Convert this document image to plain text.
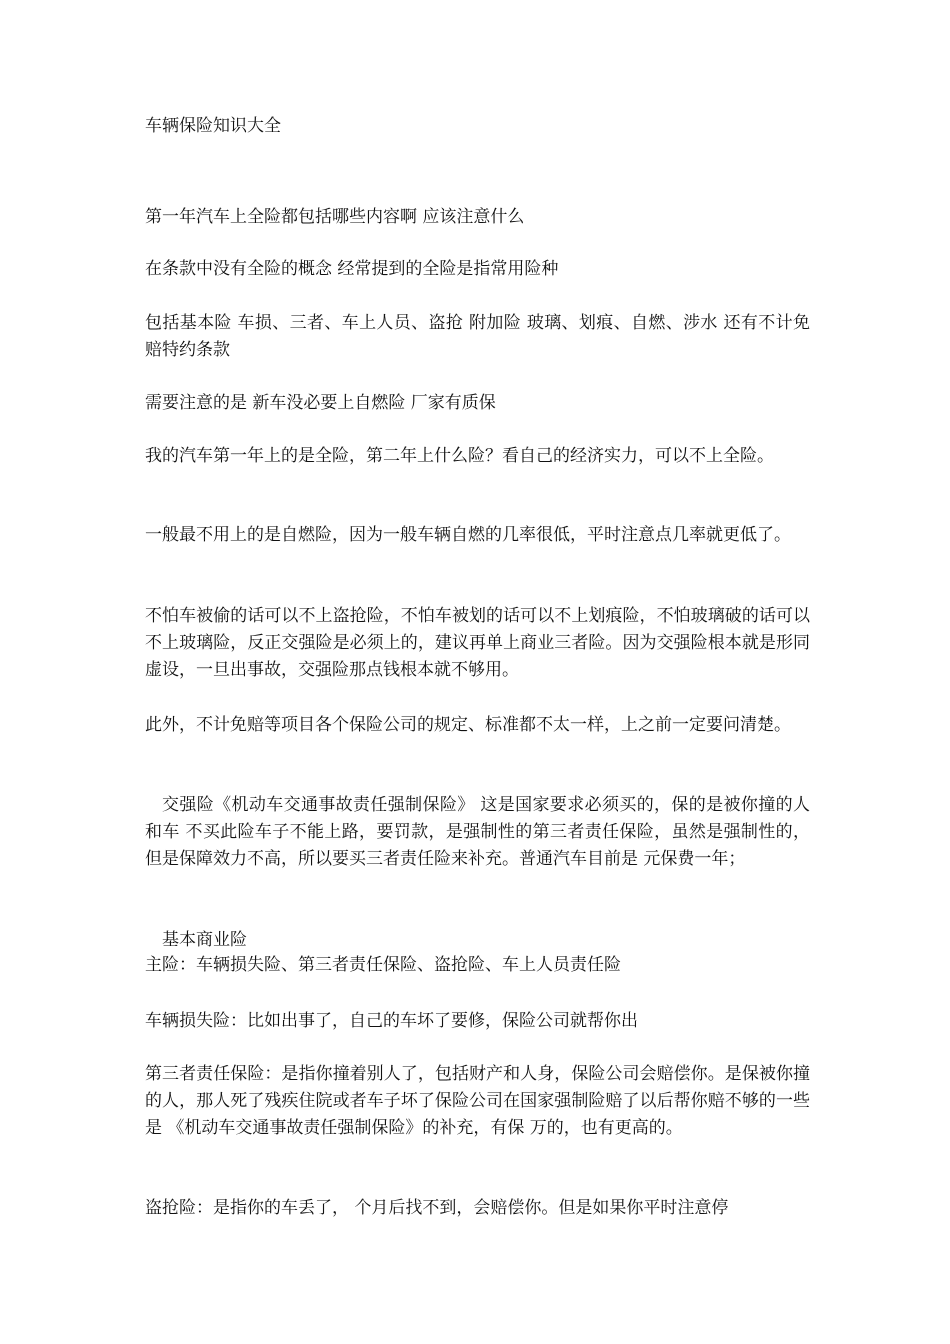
车辆保险知识大全

第一年汽车上全险都包括哪些内容啊 应该注意什么

在条款中没有全险的概念 经常提到的全险是指常用险种

包括基本险 车损、三者、车上人员、盗抢 附加险 玻璃、划痕、自燃、涉水 还有不计免赔特约条款

需要注意的是 新车没必要上自燃险 厂家有质保

我的汽车第一年上的是全险，第二年上什么险？看自己的经济实力，可以不上全险。

一般最不用上的是自燃险，因为一般车辆自燃的几率很低，平时注意点几率就更低了。

不怕车被偷的话可以不上盗抢险，不怕车被划的话可以不上划痕险，不怕玻璃破的话可以不上玻璃险，反正交强险是必须上的，建议再单上商业三者险。因为交强险根本就是形同虚设，一旦出事故，交强险那点钱根本就不够用。

此外，不计免赔等项目各个保险公司的规定、标准都不太一样，上之前一定要问清楚。

交强险《机动车交通事故责任强制保险》 这是国家要求必须买的，保的是被你撞的人和车 不买此险车子不能上路，要罚款，是强制性的第三者责任保险，虽然是强制性的，但是保障效力不高，所以要买三者责任险来补充。普通汽车目前是 元保费一年；

基本商业险

主险：车辆损失险、第三者责任保险、盗抢险、车上人员责任险

车辆损失险：比如出事了，自己的车坏了要修，保险公司就帮你出

第三者责任保险：是指你撞着别人了，包括财产和人身，保险公司会赔偿你。是保被你撞的人，那人死了残疾住院或者车子坏了保险公司在国家强制险赔了以后帮你赔不够的一些是 《机动车交通事故责任强制保险》的补充，有保 万的，也有更高的。

盗抢险：是指你的车丢了， 个月后找不到，会赔偿你。但是如果你平时注意停
